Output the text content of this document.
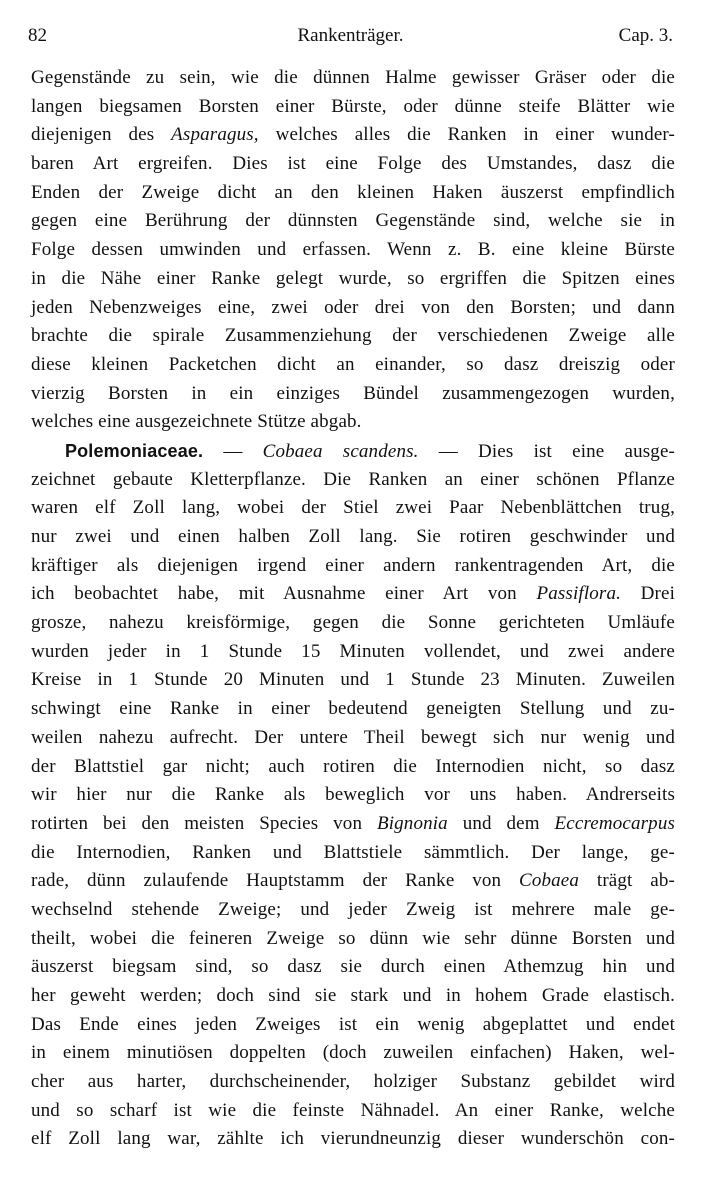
82	Rankenträger.	Cap. 3.
Gegenstände zu sein, wie die dünnen Halme gewisser Gräser oder die
langen biegsamen Borsten einer Bürste, oder dünne steife Blätter wie
diejenigen des Asparagus, welches alles die Ranken in einer wunder-
baren Art ergreifen. Dies ist eine Folge des Umstandes, dasz die
Enden der Zweige dicht an den kleinen Haken äuszerst empfindlich
gegen eine Berührung der dünnsten Gegenstände sind, welche sie in
Folge dessen umwinden und erfassen. Wenn z. B. eine kleine Bürste
in die Nähe einer Ranke gelegt wurde, so ergriffen die Spitzen eines
jeden Nebenzweiges eine, zwei oder drei von den Borsten; und dann
brachte die spirale Zusammenziehung der verschiedenen Zweige alle
diese kleinen Packetchen dicht an einander, so dasz dreiszig oder
vierzig Borsten in ein einziges Bündel zusammengezogen wurden,
welches eine ausgezeichnete Stütze abgab.
Polemoniaceae. — Cobaea scandens. — Dies ist eine ausge-
zeichnet gebaute Kletterpflanze. Die Ranken an einer schönen Pflanze
waren elf Zoll lang, wobei der Stiel zwei Paar Nebenblättchen trug,
nur zwei und einen halben Zoll lang. Sie rotiren geschwinder und
kräftiger als diejenigen irgend einer andern rankentragenden Art, die
ich beobachtet habe, mit Ausnahme einer Art von Passiflora. Drei
grosze, nahezu kreisförmige, gegen die Sonne gerichteten Umläufe
wurden jeder in 1 Stunde 15 Minuten vollendet, und zwei andere
Kreise in 1 Stunde 20 Minuten und 1 Stunde 23 Minuten. Zuweilen
schwingt eine Ranke in einer bedeutend geneigten Stellung und zu-
weilen nahezu aufrecht. Der untere Theil bewegt sich nur wenig und
der Blattstiel gar nicht; auch rotiren die Internodien nicht, so dasz
wir hier nur die Ranke als beweglich vor uns haben. Andrerseits
rotirten bei den meisten Species von Bignonia und dem Eccremocarpus
die Internodien, Ranken und Blattstiele sämmtlich. Der lange, ge-
rade, dünn zulaufende Hauptstamm der Ranke von Cobaea trägt ab-
wechselnd stehende Zweige; und jeder Zweig ist mehrere male ge-
theilt, wobei die feineren Zweige so dünn wie sehr dünne Borsten und
äuszerst biegsam sind, so dasz sie durch einen Athemzug hin und
her geweht werden; doch sind sie stark und in hohem Grade elastisch.
Das Ende eines jeden Zweiges ist ein wenig abgeplattet und endet
in einem minutiösen doppelten (doch zuweilen einfachen) Haken, wel-
cher aus harter, durchscheinender, holziger Substanz gebildet wird
und so scharf ist wie die feinste Nähnadel. An einer Ranke, welche
elf Zoll lang war, zählte ich vierundneunzig dieser wunderschön con-
